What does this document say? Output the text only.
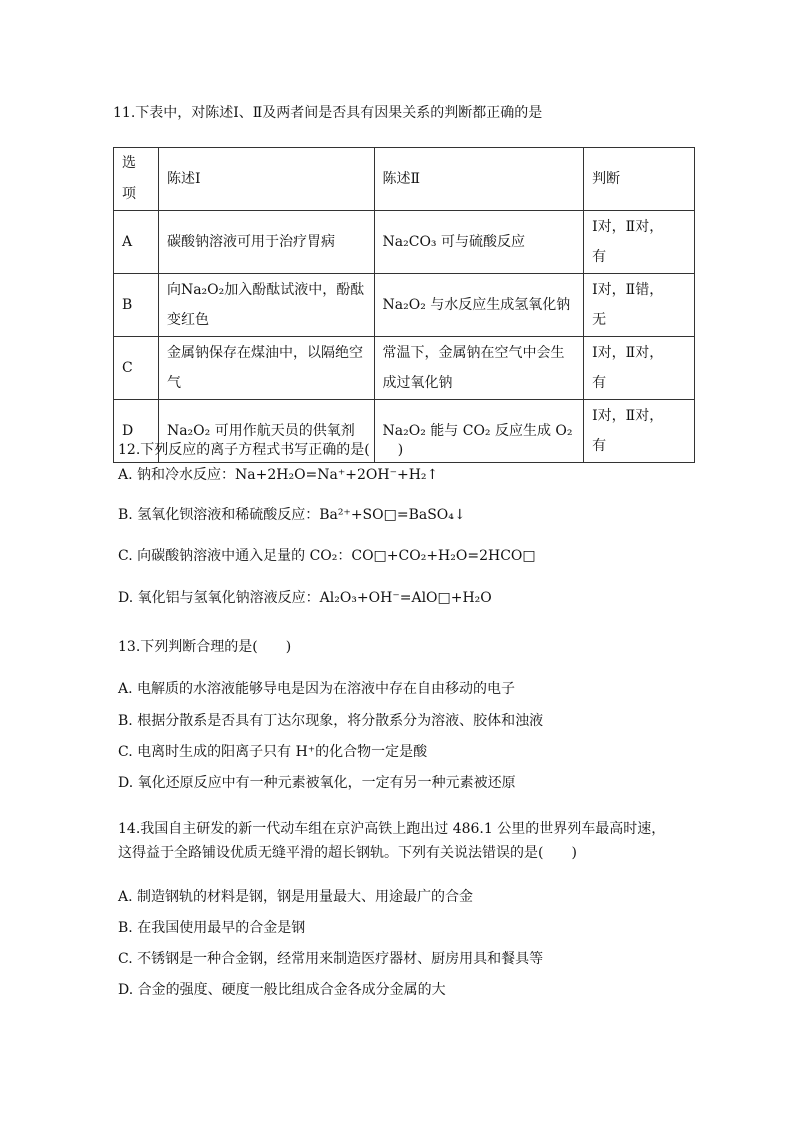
11.下表中，对陈述Ⅰ、Ⅱ及两者间是否具有因果关系的判断都正确的是
选项	陈述Ⅰ	陈述Ⅱ	判断
A	碳酸钠溶液可用于治疗胃病	Na₂CO₃ 可与硫酸反应	Ⅰ对，Ⅱ对，
有

B	向Na₂O₂加入酚酞试液中，酚酞
变红色	Na₂O₂ 与水反应生成氢氧化钠	Ⅰ对，Ⅱ错，
无

C	金属钠保存在煤油中，以隔绝空
气	常温下，金属钠在空气中会生
成过氧化钠	Ⅰ对，Ⅱ对，
有

D	Na₂O₂ 可用作航天员的供氧剂	Na₂O₂ 能与 CO₂ 反应生成 O₂	Ⅰ对，Ⅱ对，
有
12.下列反应的离子方程式书写正确的是(　　)
A. 钠和冷水反应：Na+2H₂O=Na⁺+2OH⁻+H₂↑
B. 氢氧化钡溶液和稀硫酸反应：Ba²⁺+SO□=BaSO₄↓
C. 向碳酸钠溶液中通入足量的 CO₂：CO□+CO₂+H₂O=2HCO□
D. 氧化铝与氢氧化钠溶液反应：Al₂O₃+OH⁻=AlO□+H₂O
13.下列判断合理的是(　　)
A. 电解质的水溶液能够导电是因为在溶液中存在自由移动的电子
B. 根据分散系是否具有丁达尔现象，将分散系分为溶液、胶体和浊液
C. 电离时生成的阳离子只有 H⁺的化合物一定是酸
D. 氧化还原反应中有一种元素被氧化，一定有另一种元素被还原
14.我国自主研发的新一代动车组在京沪高铁上跑出过 486.1 公里的世界列车最高时速，
这得益于全路铺设优质无缝平滑的超长钢轨。下列有关说法错误的是(　　)
A. 制造钢轨的材料是钢，钢是用量最大、用途最广的合金
B. 在我国使用最早的合金是钢
C. 不锈钢是一种合金钢，经常用来制造医疗器材、厨房用具和餐具等
D. 合金的强度、硬度一般比组成合金各成分金属的大
